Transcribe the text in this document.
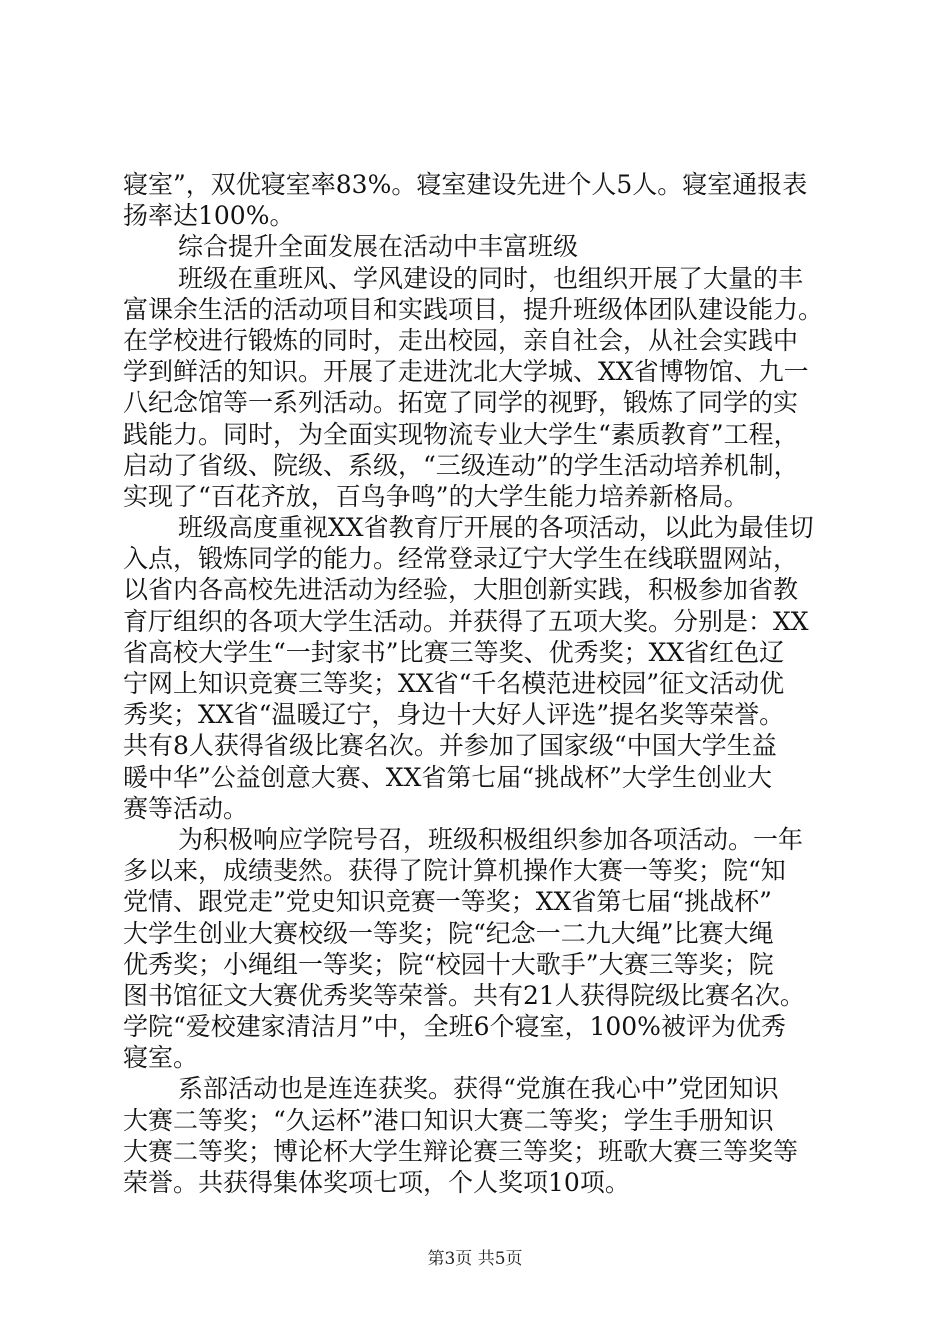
寝室”，双优寝室率83%。寝室建设先进个人5人。寝室通报表
扬率达100%。
综合提升全面发展在活动中丰富班级
班级在重班风、学风建设的同时，也组织开展了大量的丰
富课余生活的活动项目和实践项目，提升班级体团队建设能力。
在学校进行锻炼的同时，走出校园，亲自社会，从社会实践中
学到鲜活的知识。开展了走进沈北大学城、XX省博物馆、九一
八纪念馆等一系列活动。拓宽了同学的视野，锻炼了同学的实
践能力。同时，为全面实现物流专业大学生“素质教育”工程，
启动了省级、院级、系级，“三级连动”的学生活动培养机制，
实现了“百花齐放，百鸟争鸣”的大学生能力培养新格局。
班级高度重视XX省教育厅开展的各项活动，以此为最佳切
入点，锻炼同学的能力。经常登录辽宁大学生在线联盟网站，
以省内各高校先进活动为经验，大胆创新实践，积极参加省教
育厅组织的各项大学生活动。并获得了五项大奖。分别是：XX
省高校大学生“一封家书”比赛三等奖、优秀奖；XX省红色辽
宁网上知识竞赛三等奖；XX省“千名模范进校园”征文活动优
秀奖；XX省“温暖辽宁，身边十大好人评选”提名奖等荣誉。
共有8人获得省级比赛名次。并参加了国家级“中国大学生益
暖中华”公益创意大赛、XX省第七届“挑战杯”大学生创业大
赛等活动。
为积极响应学院号召，班级积极组织参加各项活动。一年
多以来，成绩斐然。获得了院计算机操作大赛一等奖；院“知
党情、跟党走”党史知识竞赛一等奖；XX省第七届“挑战杯”
大学生创业大赛校级一等奖；院“纪念一二九大绳”比赛大绳
优秀奖；小绳组一等奖；院“校园十大歌手”大赛三等奖；院
图书馆征文大赛优秀奖等荣誉。共有21人获得院级比赛名次。
学院“爱校建家清洁月”中，全班6个寝室，100%被评为优秀
寝室。
系部活动也是连连获奖。获得“党旗在我心中”党团知识
大赛二等奖；“久运杯”港口知识大赛二等奖；学生手册知识
大赛二等奖；博论杯大学生辩论赛三等奖；班歌大赛三等奖等
荣誉。共获得集体奖项七项，个人奖项10项。
第3页 共5页
